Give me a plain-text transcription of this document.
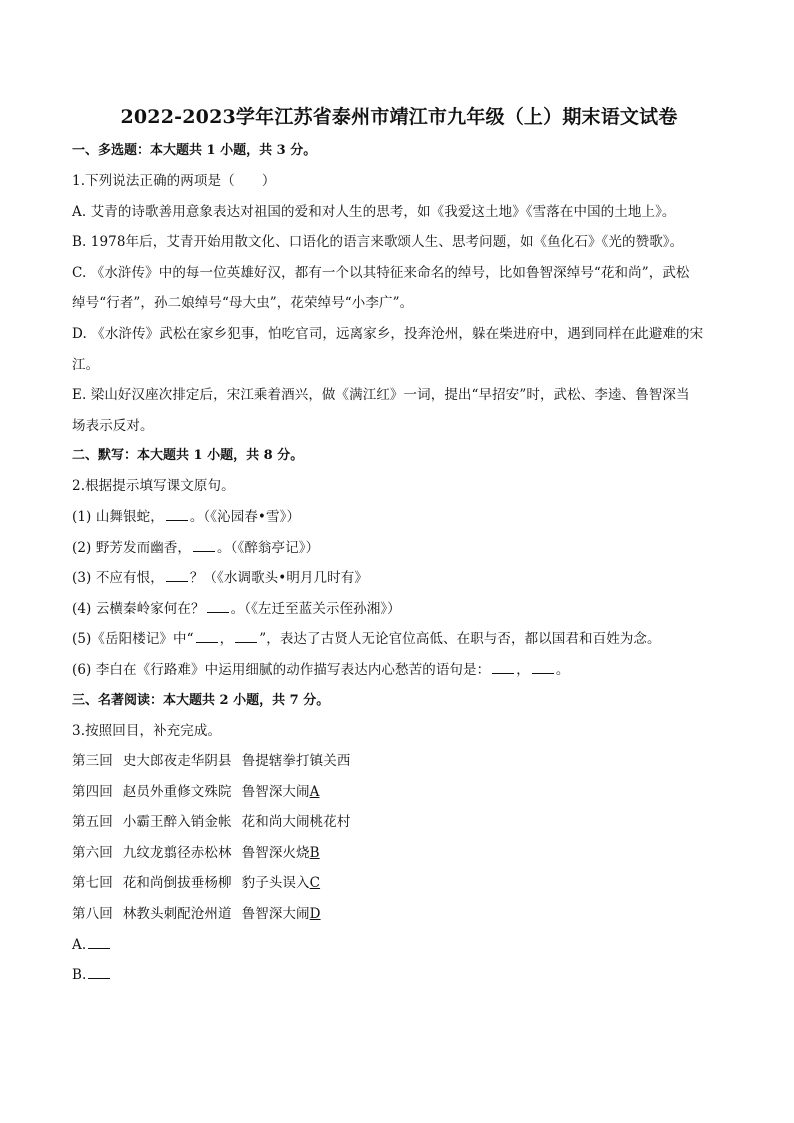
2022-2023学年江苏省泰州市靖江市九年级（上）期末语文试卷
一、多选题：本大题共 1 小题，共 3 分。
1.下列说法正确的两项是（　　）
A. 艾青的诗歌善用意象表达对祖国的爱和对人生的思考，如《我爱这土地》《雪落在中国的土地上》。
B. 1978年后，艾青开始用散文化、口语化的语言来歌颂人生、思考问题，如《鱼化石》《光的赞歌》。
C. 《水浒传》中的每一位英雄好汉，都有一个以其特征来命名的绰号，比如鲁智深绰号“花和尚”，武松
绰号“行者”，孙二娘绰号“母大虫”，花荣绰号“小李广”。
D. 《水浒传》武松在家乡犯事，怕吃官司，远离家乡，投奔沧州，躲在柴进府中，遇到同样在此避难的宋
江。
E. 梁山好汉座次排定后，宋江乘着酒兴，做《满江红》一词，提出“早招安”时，武松、李逵、鲁智深当
场表示反对。
二、默写：本大题共 1 小题，共 8 分。
2.根据提示填写课文原句。
(1) 山舞银蛇， 。（《沁园春•雪》）
(2) 野芳发而幽香， 。（《醉翁亭记》）
(3) 不应有恨， ？（《水调歌头•明月几时有》
(4) 云横秦岭家何在？ 。（《左迁至蓝关示侄孙湘》）
(5)《岳阳楼记》中“ ， ”，表达了古贤人无论官位高低、在职与否，都以国君和百姓为念。
(6) 李白在《行路难》中运用细腻的动作描写表达内心愁苦的语句是： ， 。
三、名著阅读：本大题共 2 小题，共 7 分。
3.按照回目，补充完成。
第三回 史大郎夜走华阴县 鲁提辖拳打镇关西
第四回 赵员外重修文殊院 鲁智深大闹A
第五回 小霸王醉入销金帐 花和尚大闹桃花村
第六回 九纹龙翦径赤松林 鲁智深火烧B
第七回 花和尚倒拔垂杨柳 豹子头误入C
第八回 林教头刺配沧州道 鲁智深大闹D
A.
B.
